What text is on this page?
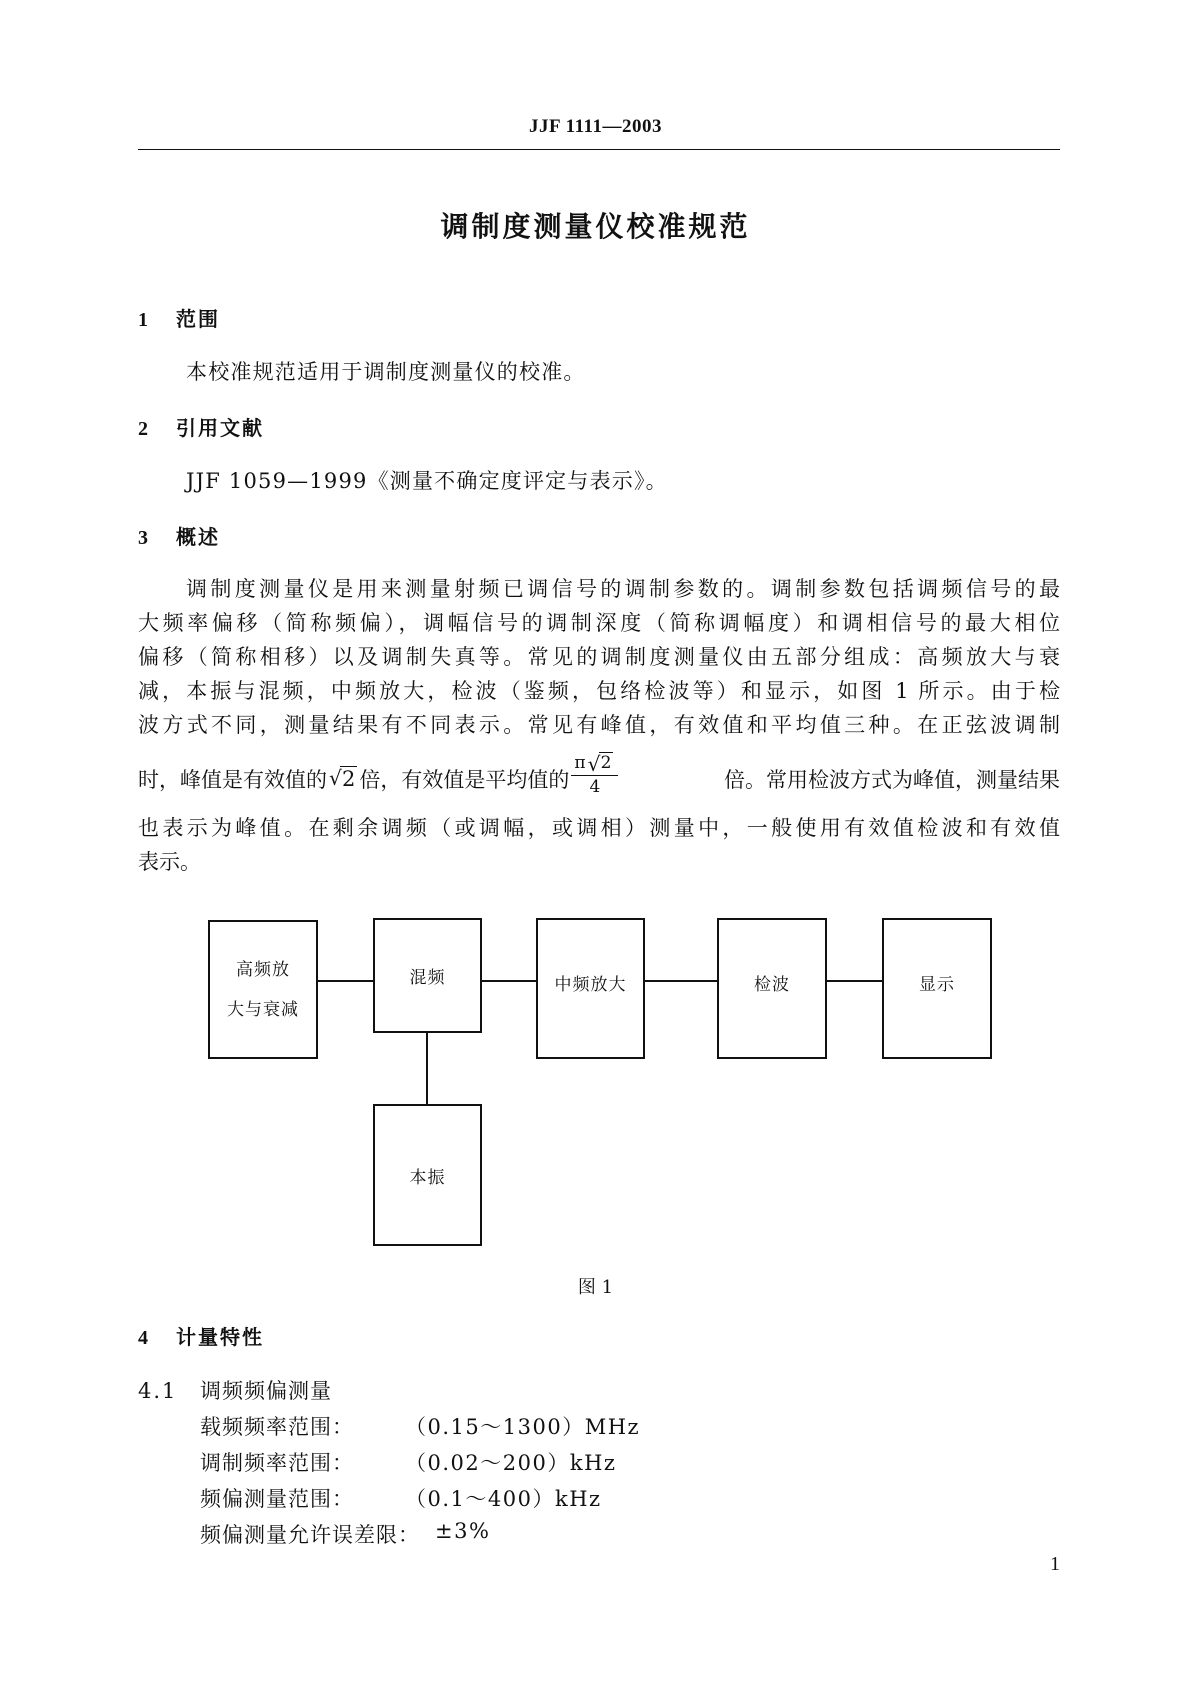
JJF 1111—2003
调制度测量仪校准规范
1 范围
本校准规范适用于调制度测量仪的校准。
2 引用文献
JJF 1059—1999《测量不确定度评定与表示》。
3 概述
调制度测量仪是用来测量射频已调信号的调制参数的。调制参数包括调频信号的最
大频率偏移（简称频偏），调幅信号的调制深度（简称调幅度）和调相信号的最大相位
偏移（简称相移）以及调制失真等。常见的调制度测量仪由五部分组成：高频放大与衰
减，本振与混频，中频放大，检波（鉴频，包络检波等）和显示，如图 1 所示。由于检
波方式不同，测量结果有不同表示。常见有峰值，有效值和平均值三种。在正弦波调制
时，峰值是有效值的 √ 2 倍，有效值是平均值的 $\frac{\pi √ 2}{4}$	倍。常用检波方式为峰值，测量结果
也表示为峰值。在剩余调频（或调幅，或调相）测量中，一般使用有效值检波和有效值
表示。
高频放
大与衰减
混频	中频放大	检波	显示
本振
图 1
4 计量特性
4.1 调频频偏测量
载频频率范围： （0.15～1300）MHz
调制频率范围： （0.02～200）kHz
频偏测量范围： （0.1～400）kHz
频偏测量允许误差限： ±3%
1
